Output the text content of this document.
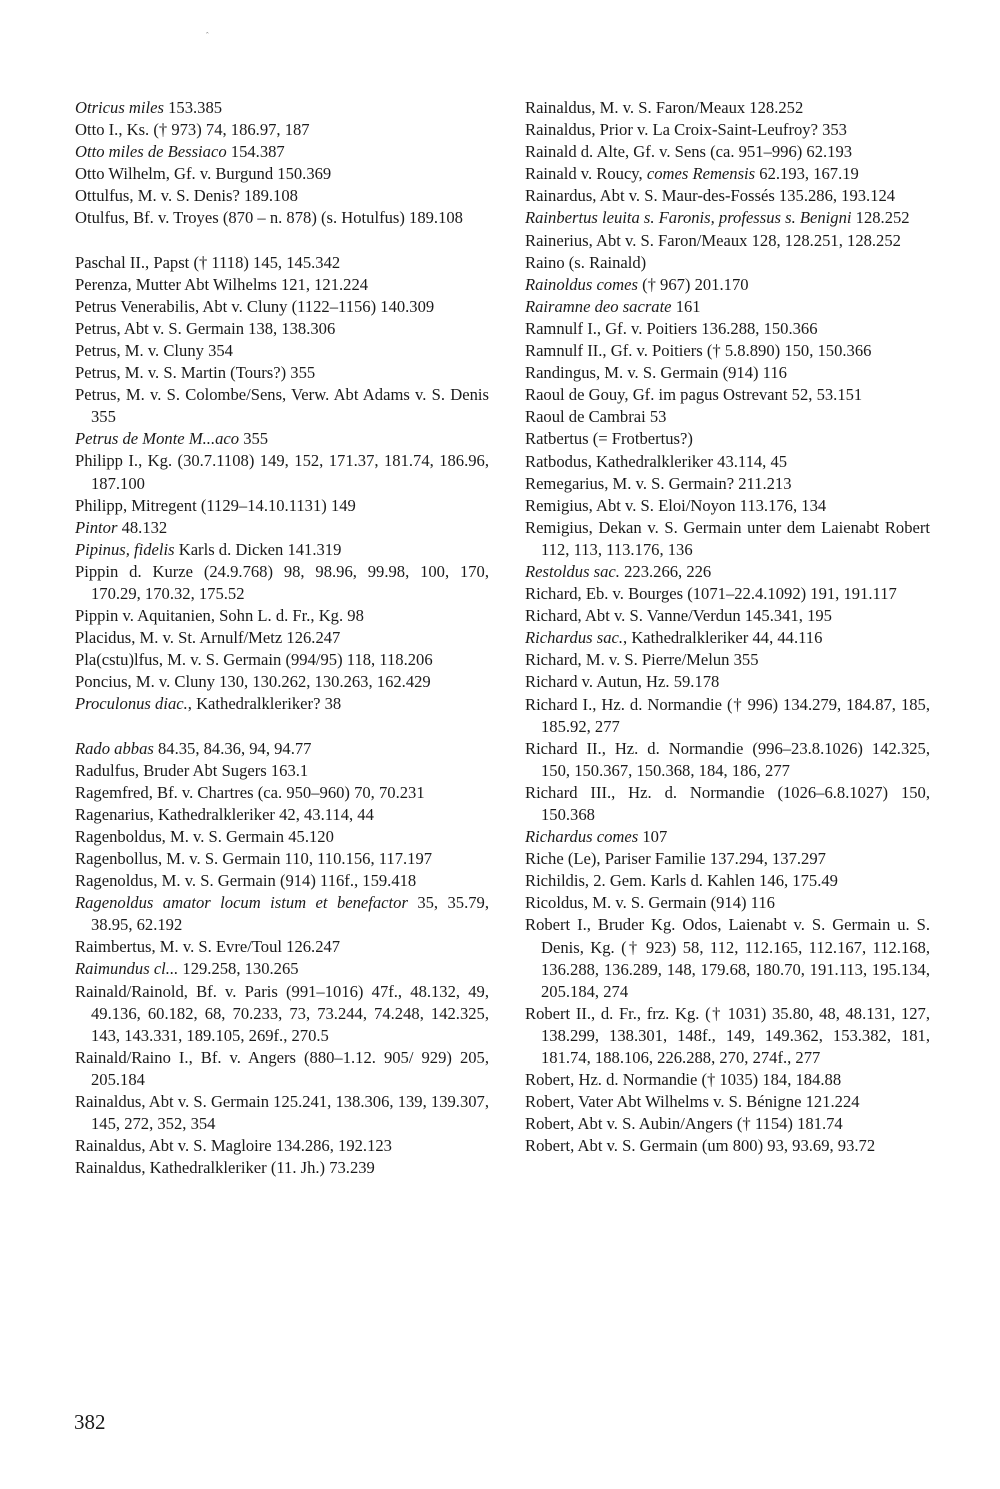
ˆ
Otricus miles 153.385
Otto I., Ks. († 973) 74, 186.97, 187
Otto miles de Bessiaco 154.387
Otto Wilhelm, Gf. v. Burgund 150.369
Ottulfus, M. v. S. Denis? 189.108
Otulfus, Bf. v. Troyes (870 – n. 878) (s. Hotulfus) 189.108
Paschal II., Papst († 1118) 145, 145.342
Perenza, Mutter Abt Wilhelms 121, 121.224
Petrus Venerabilis, Abt v. Cluny (1122–1156) 140.309
Petrus, Abt v. S. Germain 138, 138.306
Petrus, M. v. Cluny 354
Petrus, M. v. S. Martin (Tours?) 355
Petrus, M. v. S. Colombe/Sens, Verw. Abt Adams v. S. Denis 355
Petrus de Monte M...aco 355
Philipp I., Kg. (30.7.1108) 149, 152, 171.37, 181.74, 186.96, 187.100
Philipp, Mitregent (1129–14.10.1131) 149
Pintor 48.132
Pipinus, fidelis Karls d. Dicken 141.319
Pippin d. Kurze (24.9.768) 98, 98.96, 99.98, 100, 170, 170.29, 170.32, 175.52
Pippin v. Aquitanien, Sohn L. d. Fr., Kg. 98
Placidus, M. v. St. Arnulf/Metz 126.247
Pla(cstu)lfus, M. v. S. Germain (994/95) 118, 118.206
Poncius, M. v. Cluny 130, 130.262, 130.263, 162.429
Proculonus diac., Kathedralkleriker? 38
Rado abbas 84.35, 84.36, 94, 94.77
Radulfus, Bruder Abt Sugers 163.1
Ragemfred, Bf. v. Chartres (ca. 950–960) 70, 70.231
Ragenarius, Kathedralkleriker 42, 43.114, 44
Ragenboldus, M. v. S. Germain 45.120
Ragenbollus, M. v. S. Germain 110, 110.156, 117.197
Ragenoldus, M. v. S. Germain (914) 116f., 159.418
Ragenoldus amator locum istum et benefactor 35, 35.79, 38.95, 62.192
Raimbertus, M. v. S. Evre/Toul 126.247
Raimundus cl... 129.258, 130.265
Rainald/Rainold, Bf. v. Paris (991–1016) 47f., 48.132, 49, 49.136, 60.182, 68, 70.233, 73, 73.244, 74.248, 142.325, 143, 143.331, 189.105, 269f., 270.5
Rainald/Raino I., Bf. v. Angers (880–1.12. 905/ 929) 205, 205.184
Rainaldus, Abt v. S. Germain 125.241, 138.306, 139, 139.307, 145, 272, 352, 354
Rainaldus, Abt v. S. Magloire 134.286, 192.123
Rainaldus, Kathedralkleriker (11. Jh.) 73.239
Rainaldus, M. v. S. Faron/Meaux 128.252
Rainaldus, Prior v. La Croix-Saint-Leufroy? 353
Rainald d. Alte, Gf. v. Sens (ca. 951–996) 62.193
Rainald v. Roucy, comes Remensis 62.193, 167.19
Rainardus, Abt v. S. Maur-des-Fossés 135.286, 193.124
Rainbertus leuita s. Faronis, professus s. Benigni 128.252
Rainerius, Abt v. S. Faron/Meaux 128, 128.251, 128.252
Raino (s. Rainald)
Rainoldus comes († 967) 201.170
Rairamne deo sacrate 161
Ramnulf I., Gf. v. Poitiers 136.288, 150.366
Ramnulf II., Gf. v. Poitiers († 5.8.890) 150, 150.366
Randingus, M. v. S. Germain (914) 116
Raoul de Gouy, Gf. im pagus Ostrevant 52, 53.151
Raoul de Cambrai 53
Ratbertus (= Frotbertus?)
Ratbodus, Kathedralkleriker 43.114, 45
Remegarius, M. v. S. Germain? 211.213
Remigius, Abt v. S. Eloi/Noyon 113.176, 134
Remigius, Dekan v. S. Germain unter dem Laienabt Robert 112, 113, 113.176, 136
Restoldus sac. 223.266, 226
Richard, Eb. v. Bourges (1071–22.4.1092) 191, 191.117
Richard, Abt v. S. Vanne/Verdun 145.341, 195
Richardus sac., Kathedralkleriker 44, 44.116
Richard, M. v. S. Pierre/Melun 355
Richard v. Autun, Hz. 59.178
Richard I., Hz. d. Normandie († 996) 134.279, 184.87, 185, 185.92, 277
Richard II., Hz. d. Normandie (996–23.8.1026) 142.325, 150, 150.367, 150.368, 184, 186, 277
Richard III., Hz. d. Normandie (1026–6.8.1027) 150, 150.368
Richardus comes 107
Riche (Le), Pariser Familie 137.294, 137.297
Richildis, 2. Gem. Karls d. Kahlen 146, 175.49
Ricoldus, M. v. S. Germain (914) 116
Robert I., Bruder Kg. Odos, Laienabt v. S. Germain u. S. Denis, Kg. († 923) 58, 112, 112.165, 112.167, 112.168, 136.288, 136.289, 148, 179.68, 180.70, 191.113, 195.134, 205.184, 274
Robert II., d. Fr., frz. Kg. († 1031) 35.80, 48, 48.131, 127, 138.299, 138.301, 148f., 149, 149.362, 153.382, 181, 181.74, 188.106, 226.288, 270, 274f., 277
Robert, Hz. d. Normandie († 1035) 184, 184.88
Robert, Vater Abt Wilhelms v. S. Bénigne 121.224
Robert, Abt v. S. Aubin/Angers († 1154) 181.74
Robert, Abt v. S. Germain (um 800) 93, 93.69, 93.72
382
